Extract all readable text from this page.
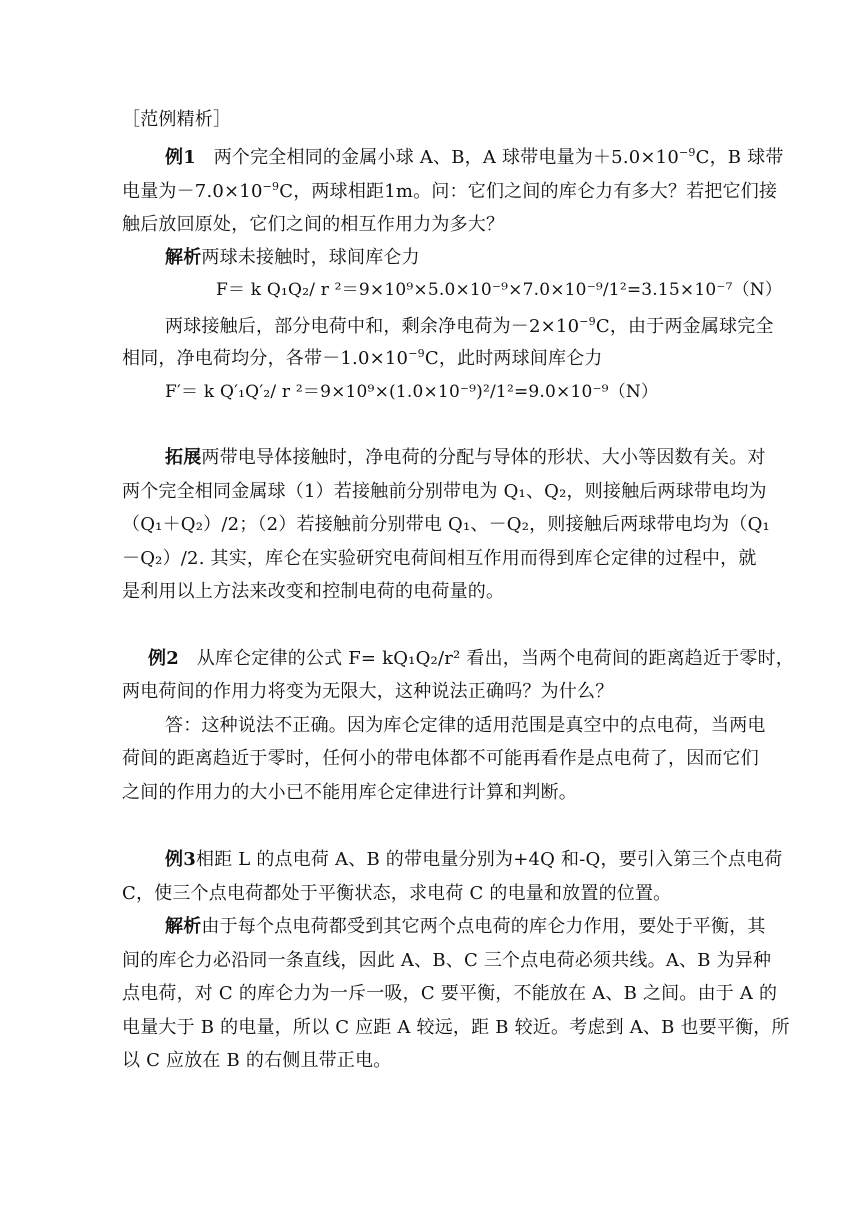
［范例精析］
例1 两个完全相同的金属小球 A、B，A 球带电量为$+5.0\times 10^{-9}C$，B 球带
电量为$-7.0\times 10^{-9}C$，两球相距1m。问：它们之间的库仑力有多大？若把它们接
触后放回原处，它们之间的相互作用力为多大？
解析两球未接触时，球间库仑力
F＝ k Q₁Q₂/ r ²＝9×10⁹×5.0×10⁻⁹×7.0×10⁻⁹/1²=3.15×10⁻⁷（N）
两球接触后，部分电荷中和，剩余净电荷为$-2\times 10^{-9}C$，由于两金属球完全
相同，净电荷均分，各带$-1.0\times 10^{-9}C$，此时两球间库仑力
F′＝ k Q′₁Q′₂/ r ²＝9×10⁹×(1.0×10⁻⁹)²/1²=9.0×10⁻⁹（N）
拓展两带电导体接触时，净电荷的分配与导体的形状、大小等因数有关。对
两个完全相同金属球（1）若接触前分别带电为 Q₁、Q₂，则接触后两球带电均为
（Q₁＋Q₂）/2；（2）若接触前分别带电 Q₁、－Q₂，则接触后两球带电均为（Q₁
－Q₂）/2. 其实，库仑在实验研究电荷间相互作用而得到库仑定律的过程中，就
是利用以上方法来改变和控制电荷的电荷量的。
例2 从库仑定律的公式 F= kQ₁Q₂/r² 看出，当两个电荷间的距离趋近于零时，
两电荷间的作用力将变为无限大，这种说法正确吗？为什么？
答：这种说法不正确。因为库仑定律的适用范围是真空中的点电荷，当两电
荷间的距离趋近于零时，任何小的带电体都不可能再看作是点电荷了，因而它们
之间的作用力的大小已不能用库仑定律进行计算和判断。
例3相距 L 的点电荷 A、B 的带电量分别为+4Q 和-Q，要引入第三个点电荷
C，使三个点电荷都处于平衡状态，求电荷 C 的电量和放置的位置。
解析由于每个点电荷都受到其它两个点电荷的库仑力作用，要处于平衡，其
间的库仑力必沿同一条直线，因此 A、B、C 三个点电荷必须共线。A、B 为异种
点电荷，对 C 的库仑力为一斥一吸，C 要平衡，不能放在 A、B 之间。由于 A 的
电量大于 B 的电量，所以 C 应距 A 较远，距 B 较近。考虑到 A、B 也要平衡，所
以 C 应放在 B 的右侧且带正电。
